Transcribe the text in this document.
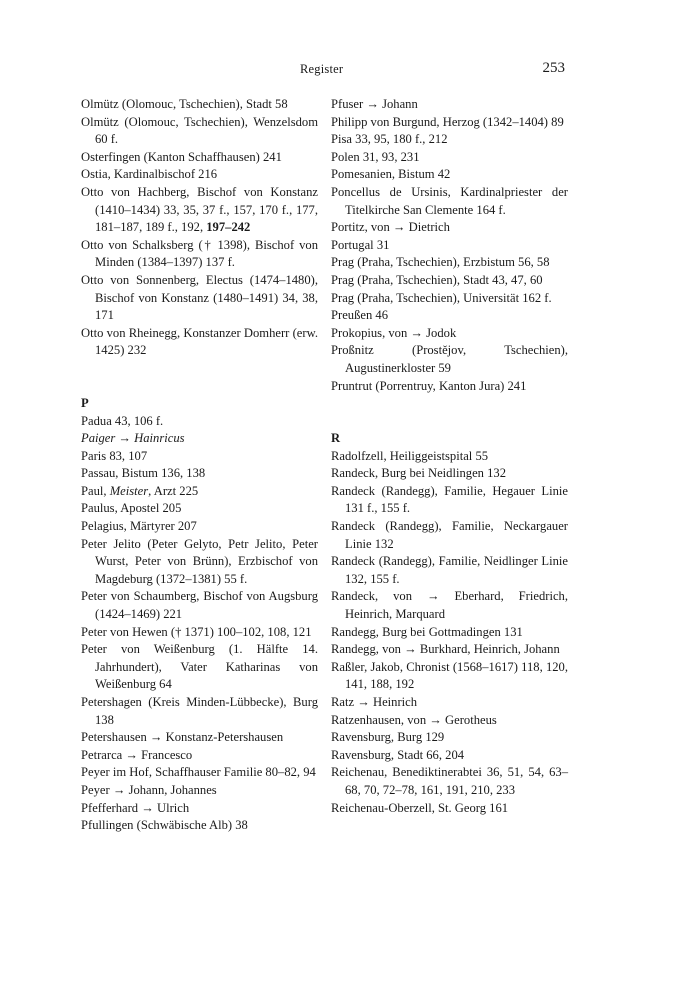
Register	253
Olmütz (Olomouc, Tschechien), Stadt 58
Olmütz (Olomouc, Tschechien), Wenzelsdom 60 f.
Osterfingen (Kanton Schaffhausen) 241
Ostia, Kardinalbischof 216
Otto von Hachberg, Bischof von Konstanz (1410–1434) 33, 35, 37 f., 157, 170 f., 177, 181–187, 189 f., 192, 197–242
Otto von Schalksberg († 1398), Bischof von Minden (1384–1397) 137 f.
Otto von Sonnenberg, Electus (1474–1480), Bischof von Konstanz (1480–1491) 34, 38, 171
Otto von Rheinegg, Konstanzer Domherr (erw. 1425) 232
P
Padua 43, 106 f.
Paiger → Hainricus
Paris 83, 107
Passau, Bistum 136, 138
Paul, Meister, Arzt 225
Paulus, Apostel 205
Pelagius, Märtyrer 207
Peter Jelito (Peter Gelyto, Petr Jelito, Peter Wurst, Peter von Brünn), Erzbischof von Magdeburg (1372–1381) 55 f.
Peter von Schaumberg, Bischof von Augsburg (1424–1469) 221
Peter von Hewen († 1371) 100–102, 108, 121
Peter von Weißenburg (1. Hälfte 14. Jahrhundert), Vater Katharinas von Weißenburg 64
Petershagen (Kreis Minden-Lübbecke), Burg 138
Petershausen → Konstanz-Petershausen
Petrarca → Francesco
Peyer im Hof, Schaffhauser Familie 80–82, 94
Peyer → Johann, Johannes
Pfefferhard → Ulrich
Pfullingen (Schwäbische Alb) 38
Pfuser → Johann
Philipp von Burgund, Herzog (1342–1404) 89
Pisa 33, 95, 180 f., 212
Polen 31, 93, 231
Pomesanien, Bistum 42
Poncellus de Ursinis, Kardinalpriester der Titelkirche San Clemente 164 f.
Portitz, von → Dietrich
Portugal 31
Prag (Praha, Tschechien), Erzbistum 56, 58
Prag (Praha, Tschechien), Stadt 43, 47, 60
Prag (Praha, Tschechien), Universität 162 f.
Preußen 46
Prokopius, von → Jodok
Proßnitz (Prostějov, Tschechien), Augustinerkloster 59
Pruntrut (Porrentruy, Kanton Jura) 241
R
Radolfzell, Heiliggeistspital 55
Randeck, Burg bei Neidlingen 132
Randeck (Randegg), Familie, Hegauer Linie 131 f., 155 f.
Randeck (Randegg), Familie, Neckargauer Linie 132
Randeck (Randegg), Familie, Neidlinger Linie 132, 155 f.
Randeck, von → Eberhard, Friedrich, Heinrich, Marquard
Randegg, Burg bei Gottmadingen 131
Randegg, von → Burkhard, Heinrich, Johann
Raßler, Jakob, Chronist (1568–1617) 118, 120, 141, 188, 192
Ratz → Heinrich
Ratzenhausen, von → Gerotheus
Ravensburg, Burg 129
Ravensburg, Stadt 66, 204
Reichenau, Benediktinerabtei 36, 51, 54, 63–68, 70, 72–78, 161, 191, 210, 233
Reichenau-Oberzell, St. Georg 161
